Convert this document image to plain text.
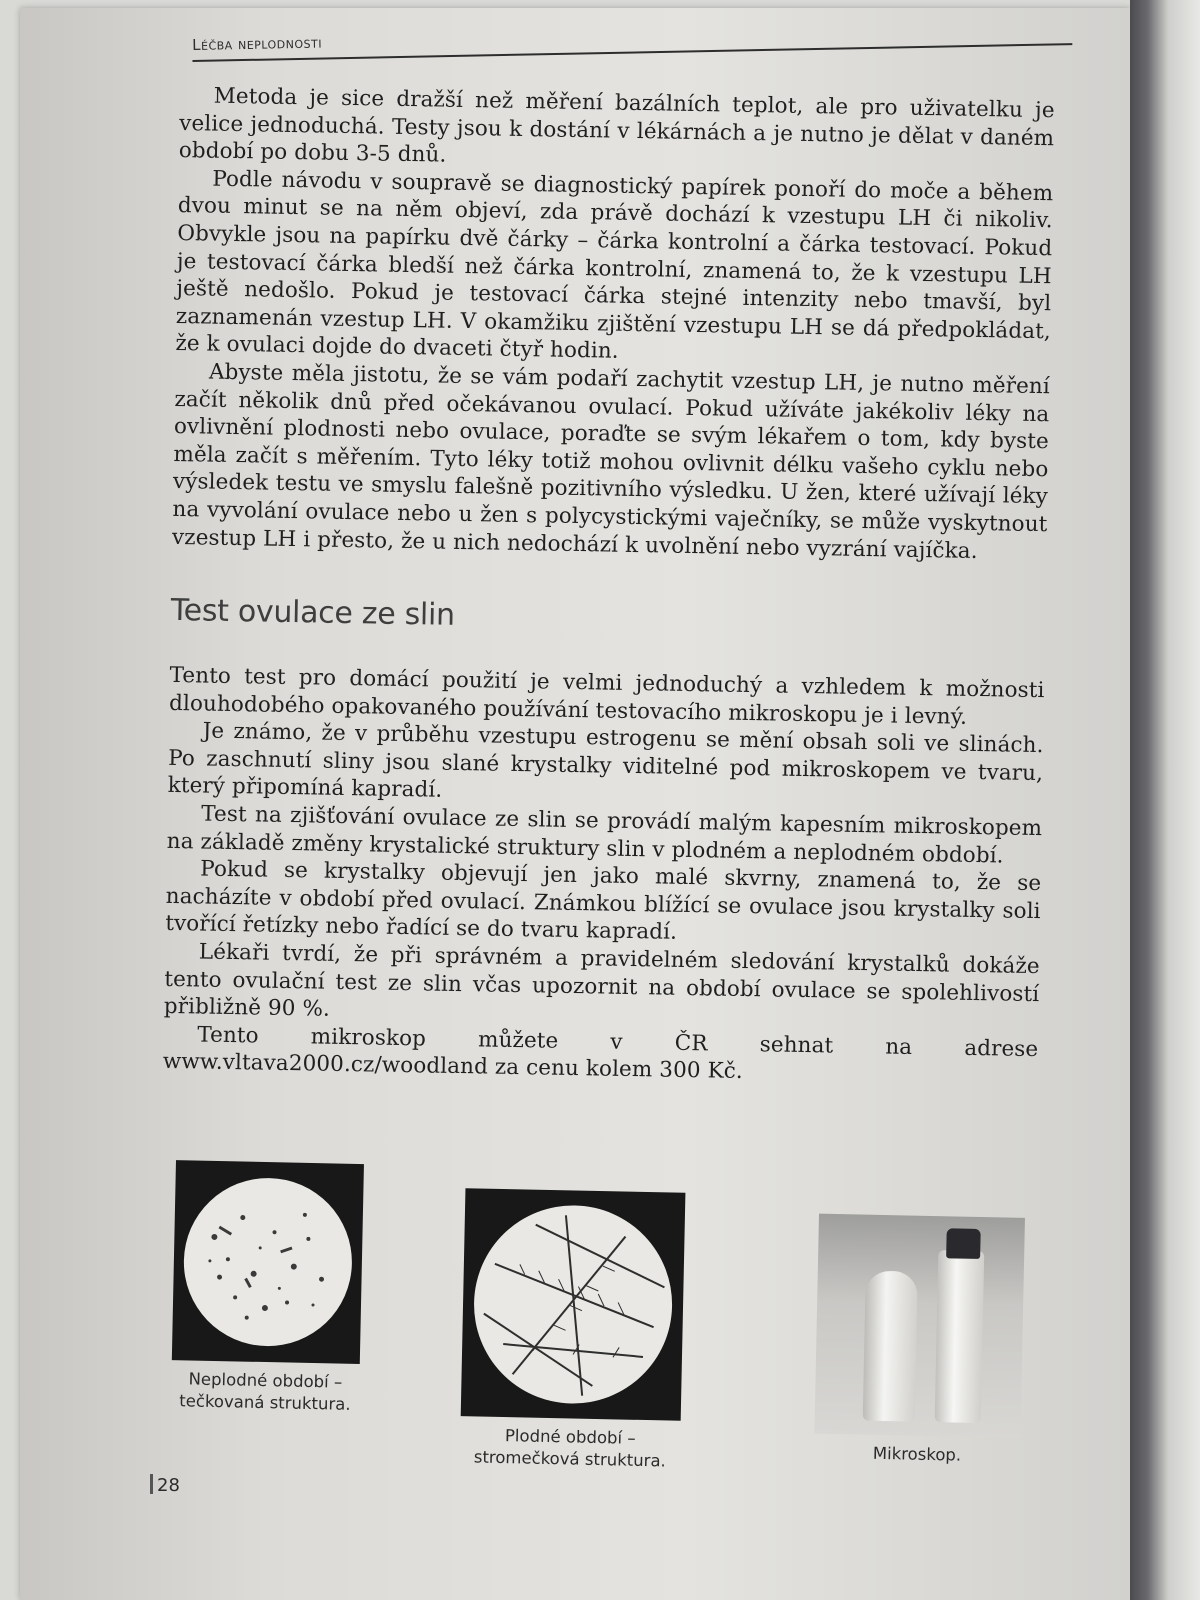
Léčba neplodnosti

Metoda je sice dražší než měření bazálních teplot, ale pro uživatelku je velice jednoduchá. Testy jsou k dostání v lékárnách a je nutno je dělat v daném období po dobu 3-5 dnů.

Podle návodu v soupravě se diagnostický papírek ponoří do moče a během dvou minut se na něm objeví, zda právě dochází k vzestupu LH či nikoliv. Obvykle jsou na papírku dvě čárky – čárka kontrolní a čárka testovací. Pokud je testovací čárka bledší než čárka kontrolní, znamená to, že k vzestupu LH ještě nedošlo. Pokud je testovací čárka stejné intenzity nebo tmavší, byl zaznamenán vzestup LH. V okamžiku zjištění vzestupu LH se dá předpokládat, že k ovulaci dojde do dvaceti čtyř hodin.

Abyste měla jistotu, že se vám podaří zachytit vzestup LH, je nutno měření začít několik dnů před očekávanou ovulací. Pokud užíváte jakékoliv léky na ovlivnění plodnosti nebo ovulace, poraďte se svým lékařem o tom, kdy byste měla začít s měřením. Tyto léky totiž mohou ovlivnit délku vašeho cyklu nebo výsledek testu ve smyslu falešně pozitivního výsledku. U žen, které užívají léky na vyvolání ovulace nebo u žen s polycystickými vaječníky, se může vyskytnout vzestup LH i přesto, že u nich nedochází k uvolnění nebo vyzrání vajíčka.

Test ovulace ze slin

Tento test pro domácí použití je velmi jednoduchý a vzhledem k možnosti dlouhodobého opakovaného používání testovacího mikroskopu je i levný.

Je známo, že v průběhu vzestupu estrogenu se mění obsah soli ve slinách. Po zaschnutí sliny jsou slané krystalky viditelné pod mikroskopem ve tvaru, který připomíná kapradí.

Test na zjišťování ovulace ze slin se provádí malým kapesním mikroskopem na základě změny krystalické struktury slin v plodném a neplodném období.

Pokud se krystalky objevují jen jako malé skvrny, znamená to, že se nacházíte v období před ovulací. Známkou blížící se ovulace jsou krystalky soli tvořící řetízky nebo řadící se do tvaru kapradí.

Lékaři tvrdí, že při správném a pravidelném sledování krystalků dokáže tento ovulační test ze slin včas upozornit na období ovulace se spolehlivostí přibližně 90 %.

Tento mikroskop můžete v ČR sehnat na adrese www.vltava2000.cz/woodland za cenu kolem 300 Kč.

Neplodné období –
tečkovaná struktura.
Plodné období –
stromečková struktura.	Mikroskop.
28
